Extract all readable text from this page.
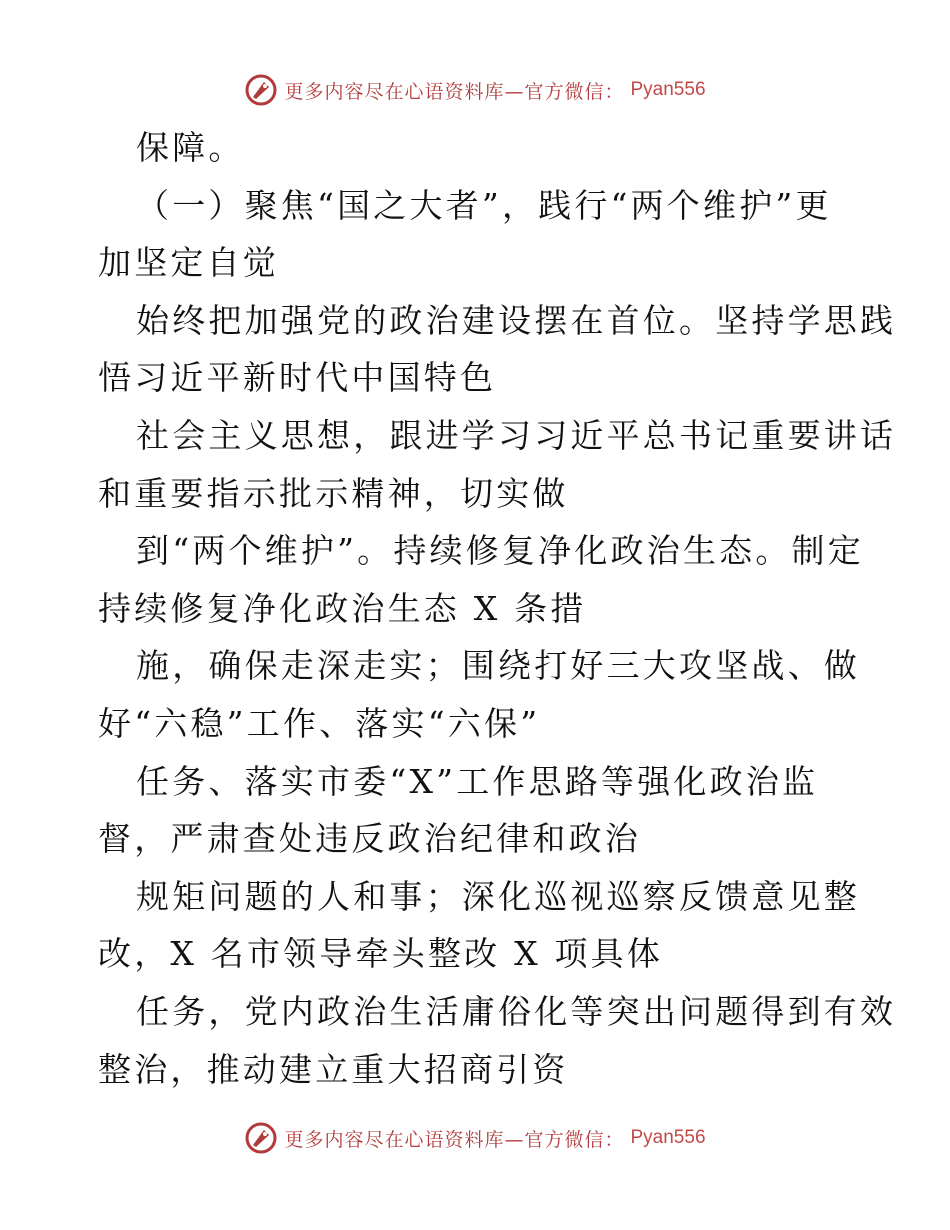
更多内容尽在心语资料库—官方微信： Pyan556
保障。
（一）聚焦“国之大者”，践行“两个维护”更
加坚定自觉
始终把加强党的政治建设摆在首位。坚持学思践
悟习近平新时代中国特色
社会主义思想，跟进学习习近平总书记重要讲话
和重要指示批示精神，切实做
到“两个维护”。持续修复净化政治生态。制定
持续修复净化政治生态 X 条措
施，确保走深走实；围绕打好三大攻坚战、做
好“六稳”工作、落实“六保”
任务、落实市委“X”工作思路等强化政治监
督，严肃查处违反政治纪律和政治
规矩问题的人和事；深化巡视巡察反馈意见整
改，X 名市领导牵头整改 X 项具体
任务，党内政治生活庸俗化等突出问题得到有效
整治，推动建立重大招商引资
更多内容尽在心语资料库—官方微信： Pyan556
